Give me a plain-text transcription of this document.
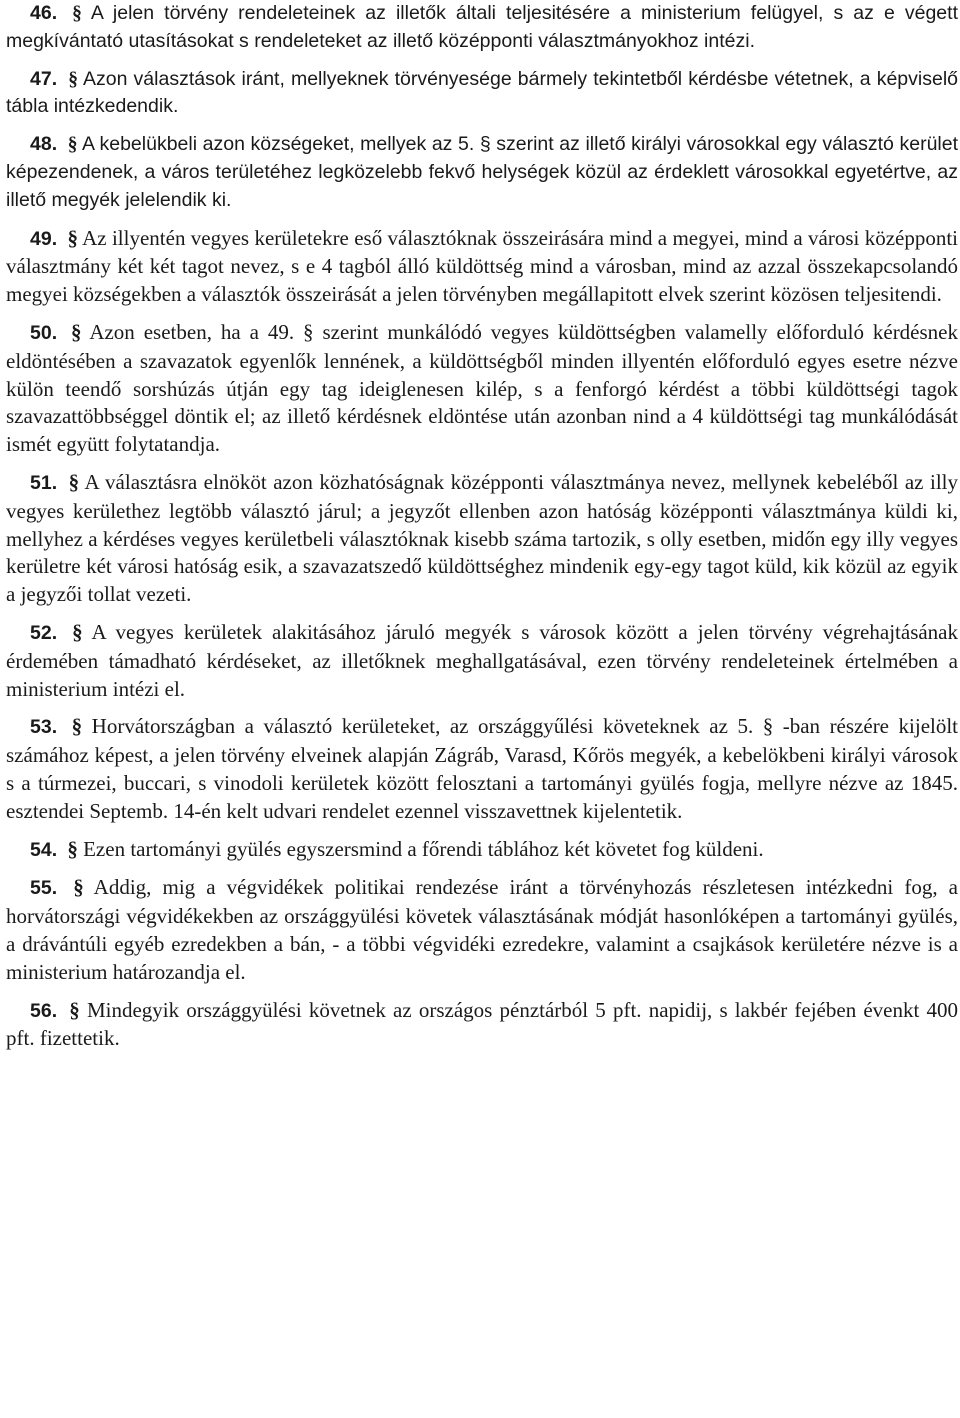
46. § A jelen törvény rendeleteinek az illetők általi teljesitésére a ministerium felügyel, s az e végett megkívántató utasításokat s rendeleteket az illető középponti választmányokhoz intézi.

47. § Azon választások iránt, mellyeknek törvényesége bármely tekintetből kérdésbe vétetnek, a képviselő tábla intézkedendik.

48. § A kebelükbeli azon községeket, mellyek az 5. § szerint az illető királyi városokkal egy választó kerület képezendenek, a város területéhez legközelebb fekvő helységek közül az érdeklett városokkal egyetértve, az illető megyék jelelendik ki.

49. § Az illyentén vegyes kerületekre eső választóknak összeirására mind a megyei, mind a városi középponti választmány két két tagot nevez, s e 4 tagból álló küldöttség mind a városban, mind az azzal összekapcsolandó megyei községekben a választók összeirását a jelen törvényben megállapitott elvek szerint közösen teljesitendi.

50. § Azon esetben, ha a 49. § szerint munkálódó vegyes küldöttségben valamelly előforduló kérdésnek eldöntésében a szavazatok egyenlők lennének, a küldöttségből minden illyentén előforduló egyes esetre nézve külön teendő sorshúzás útján egy tag ideiglenesen kilép, s a fenforgó kérdést a többi küldöttségi tagok szavazattöbbséggel döntik el; az illető kérdésnek eldöntése után azonban nind a 4 küldöttségi tag munkálódását ismét együtt folytatandja.

51. § A választásra elnököt azon közhatóságnak középponti választmánya nevez, mellynek kebeléből az illy vegyes kerülethez legtöbb választó járul; a jegyzőt ellenben azon hatóság középponti választmánya küldi ki, mellyhez a kérdéses vegyes kerületbeli választóknak kisebb száma tartozik, s olly esetben, midőn egy illy vegyes kerületre két városi hatóság esik, a szavazatszedő küldöttséghez mindenik egy-egy tagot küld, kik közül az egyik a jegyzői tollat vezeti.

52. § A vegyes kerületek alakitásához járuló megyék s városok között a jelen törvény végrehajtásának érdemében támadható kérdéseket, az illetőknek meghallgatásával, ezen törvény rendeleteinek értelmében a ministerium intézi el.

53. § Horvátországban a választó kerületeket, az országgyűlési követeknek az 5. § -ban részére kijelölt számához képest, a jelen törvény elveinek alapján Zágráb, Varasd, Kőrös megyék, a kebelökbeni királyi városok s a túrmezei, buccari, s vinodoli kerületek között felosztani a tartományi gyülés fogja, mellyre nézve az 1845. esztendei Septemb. 14-én kelt udvari rendelet ezennel visszavettnek kijelentetik.

54. § Ezen tartományi gyülés egyszersmind a főrendi táblához két követet fog küldeni.

55. § Addig, mig a végvidékek politikai rendezése iránt a törvényhozás részletesen intézkedni fog, a horvátországi végvidékekben az országgyülési követek választásának módját hasonlóképen a tartományi gyülés, a drávántúli egyéb ezredekben a bán, - a többi végvidéki ezredekre, valamint a csajkások kerületére nézve is a ministerium határozandja el.

56. § Mindegyik országgyülési követnek az országos pénztárból 5 pft. napidij, s lakbér fejében évenkt 400 pft. fizettetik.
